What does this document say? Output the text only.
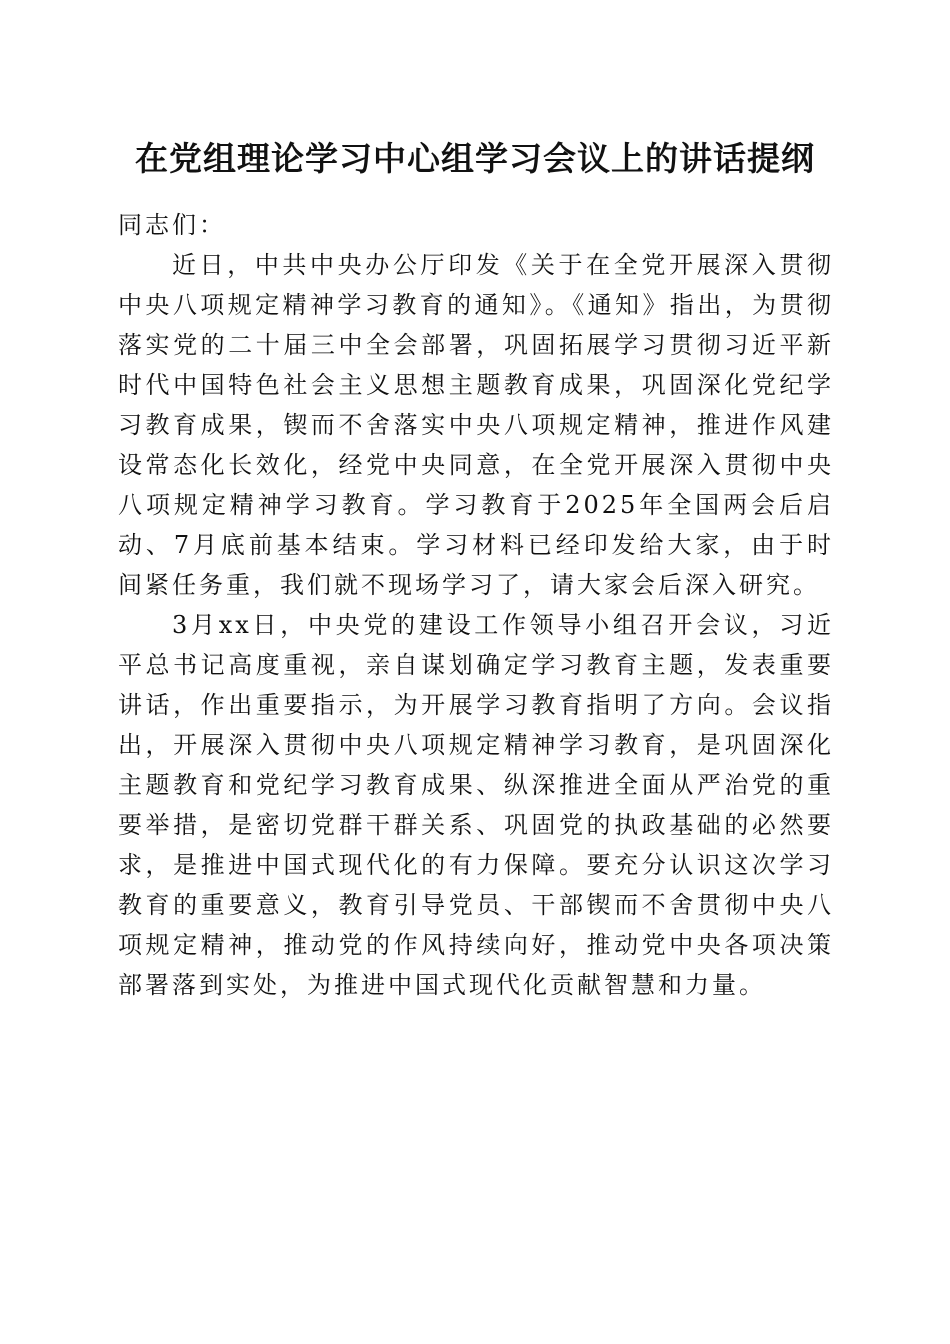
在党组理论学习中心组学习会议上的讲话提纲

同志们：

近日，中共中央办公厅印发《关于在全党开展深入贯彻中央八项规定精神学习教育的通知》。《通知》指出，为贯彻落实党的二十届三中全会部署，巩固拓展学习贯彻习近平新时代中国特色社会主义思想主题教育成果，巩固深化党纪学习教育成果，锲而不舍落实中央八项规定精神，推进作风建设常态化长效化，经党中央同意，在全党开展深入贯彻中央八项规定精神学习教育。学习教育于2025年全国两会后启动、7月底前基本结束。学习材料已经印发给大家，由于时间紧任务重，我们就不现场学习了，请大家会后深入研究。

3月xx日，中央党的建设工作领导小组召开会议，习近平总书记高度重视，亲自谋划确定学习教育主题，发表重要讲话，作出重要指示，为开展学习教育指明了方向。会议指出，开展深入贯彻中央八项规定精神学习教育，是巩固深化主题教育和党纪学习教育成果、纵深推进全面从严治党的重要举措，是密切党群干群关系、巩固党的执政基础的必然要求，是推进中国式现代化的有力保障。要充分认识这次学习教育的重要意义，教育引导党员、干部锲而不舍贯彻中央八项规定精神，推动党的作风持续向好，推动党中央各项决策部署落到实处，为推进中国式现代化贡献智慧和力量。
